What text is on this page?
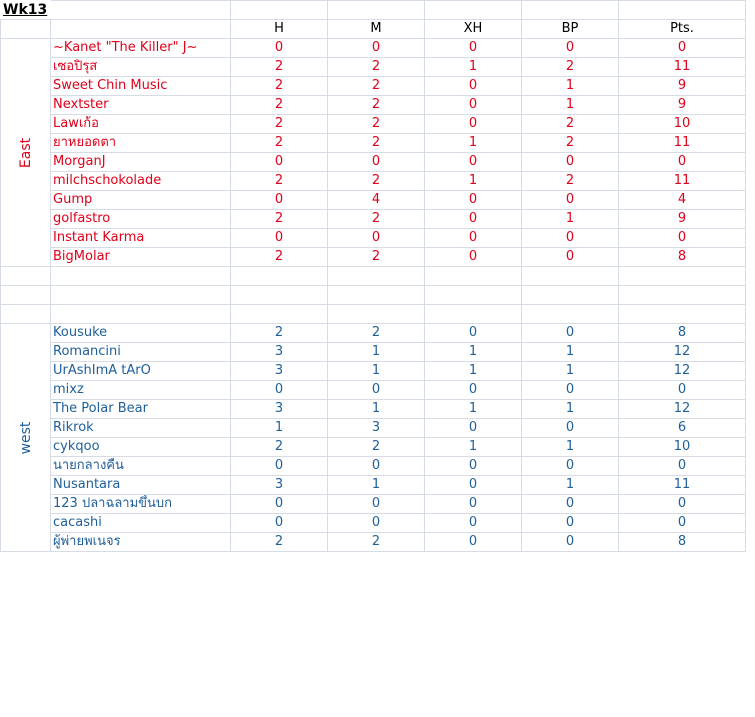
Wk13						
		H	M	XH	BP	Pts.

East	~Kanet "The Killer" J~	0	0	0	0	0
	เซอปิรุส	2	2	1	2	11
	Sweet Chin Music	2	2	0	1	9
	Nextster	2	2	0	1	9
	Lawเก้อ	2	2	0	2	10
	ยาหยอดตา	2	2	1	2	11
	MorganJ	0	0	0	0	0
	milchschokolade	2	2	1	2	11
	Gump	0	4	0	0	4
	golfastro	2	2	0	1	9
	Instant Karma	0	0	0	0	0
	BigMolar	2	2	0	0	8

west	Kousuke	2	2	0	0	8
	Romancini	3	1	1	1	12
	UrAshImA tArO	3	1	1	1	12
	mixz	0	0	0	0	0
	The Polar Bear	3	1	1	1	12
	Rikrok	1	3	0	0	6
	cykqoo	2	2	1	1	10
	นายกลางคืน	0	0	0	0	0
	Nusantara	3	1	0	1	11
	123 ปลาฉลามขึ้นบก	0	0	0	0	0
	cacashi	0	0	0	0	0
	ผู้พ่ายพเนจร	2	2	0	0	8
